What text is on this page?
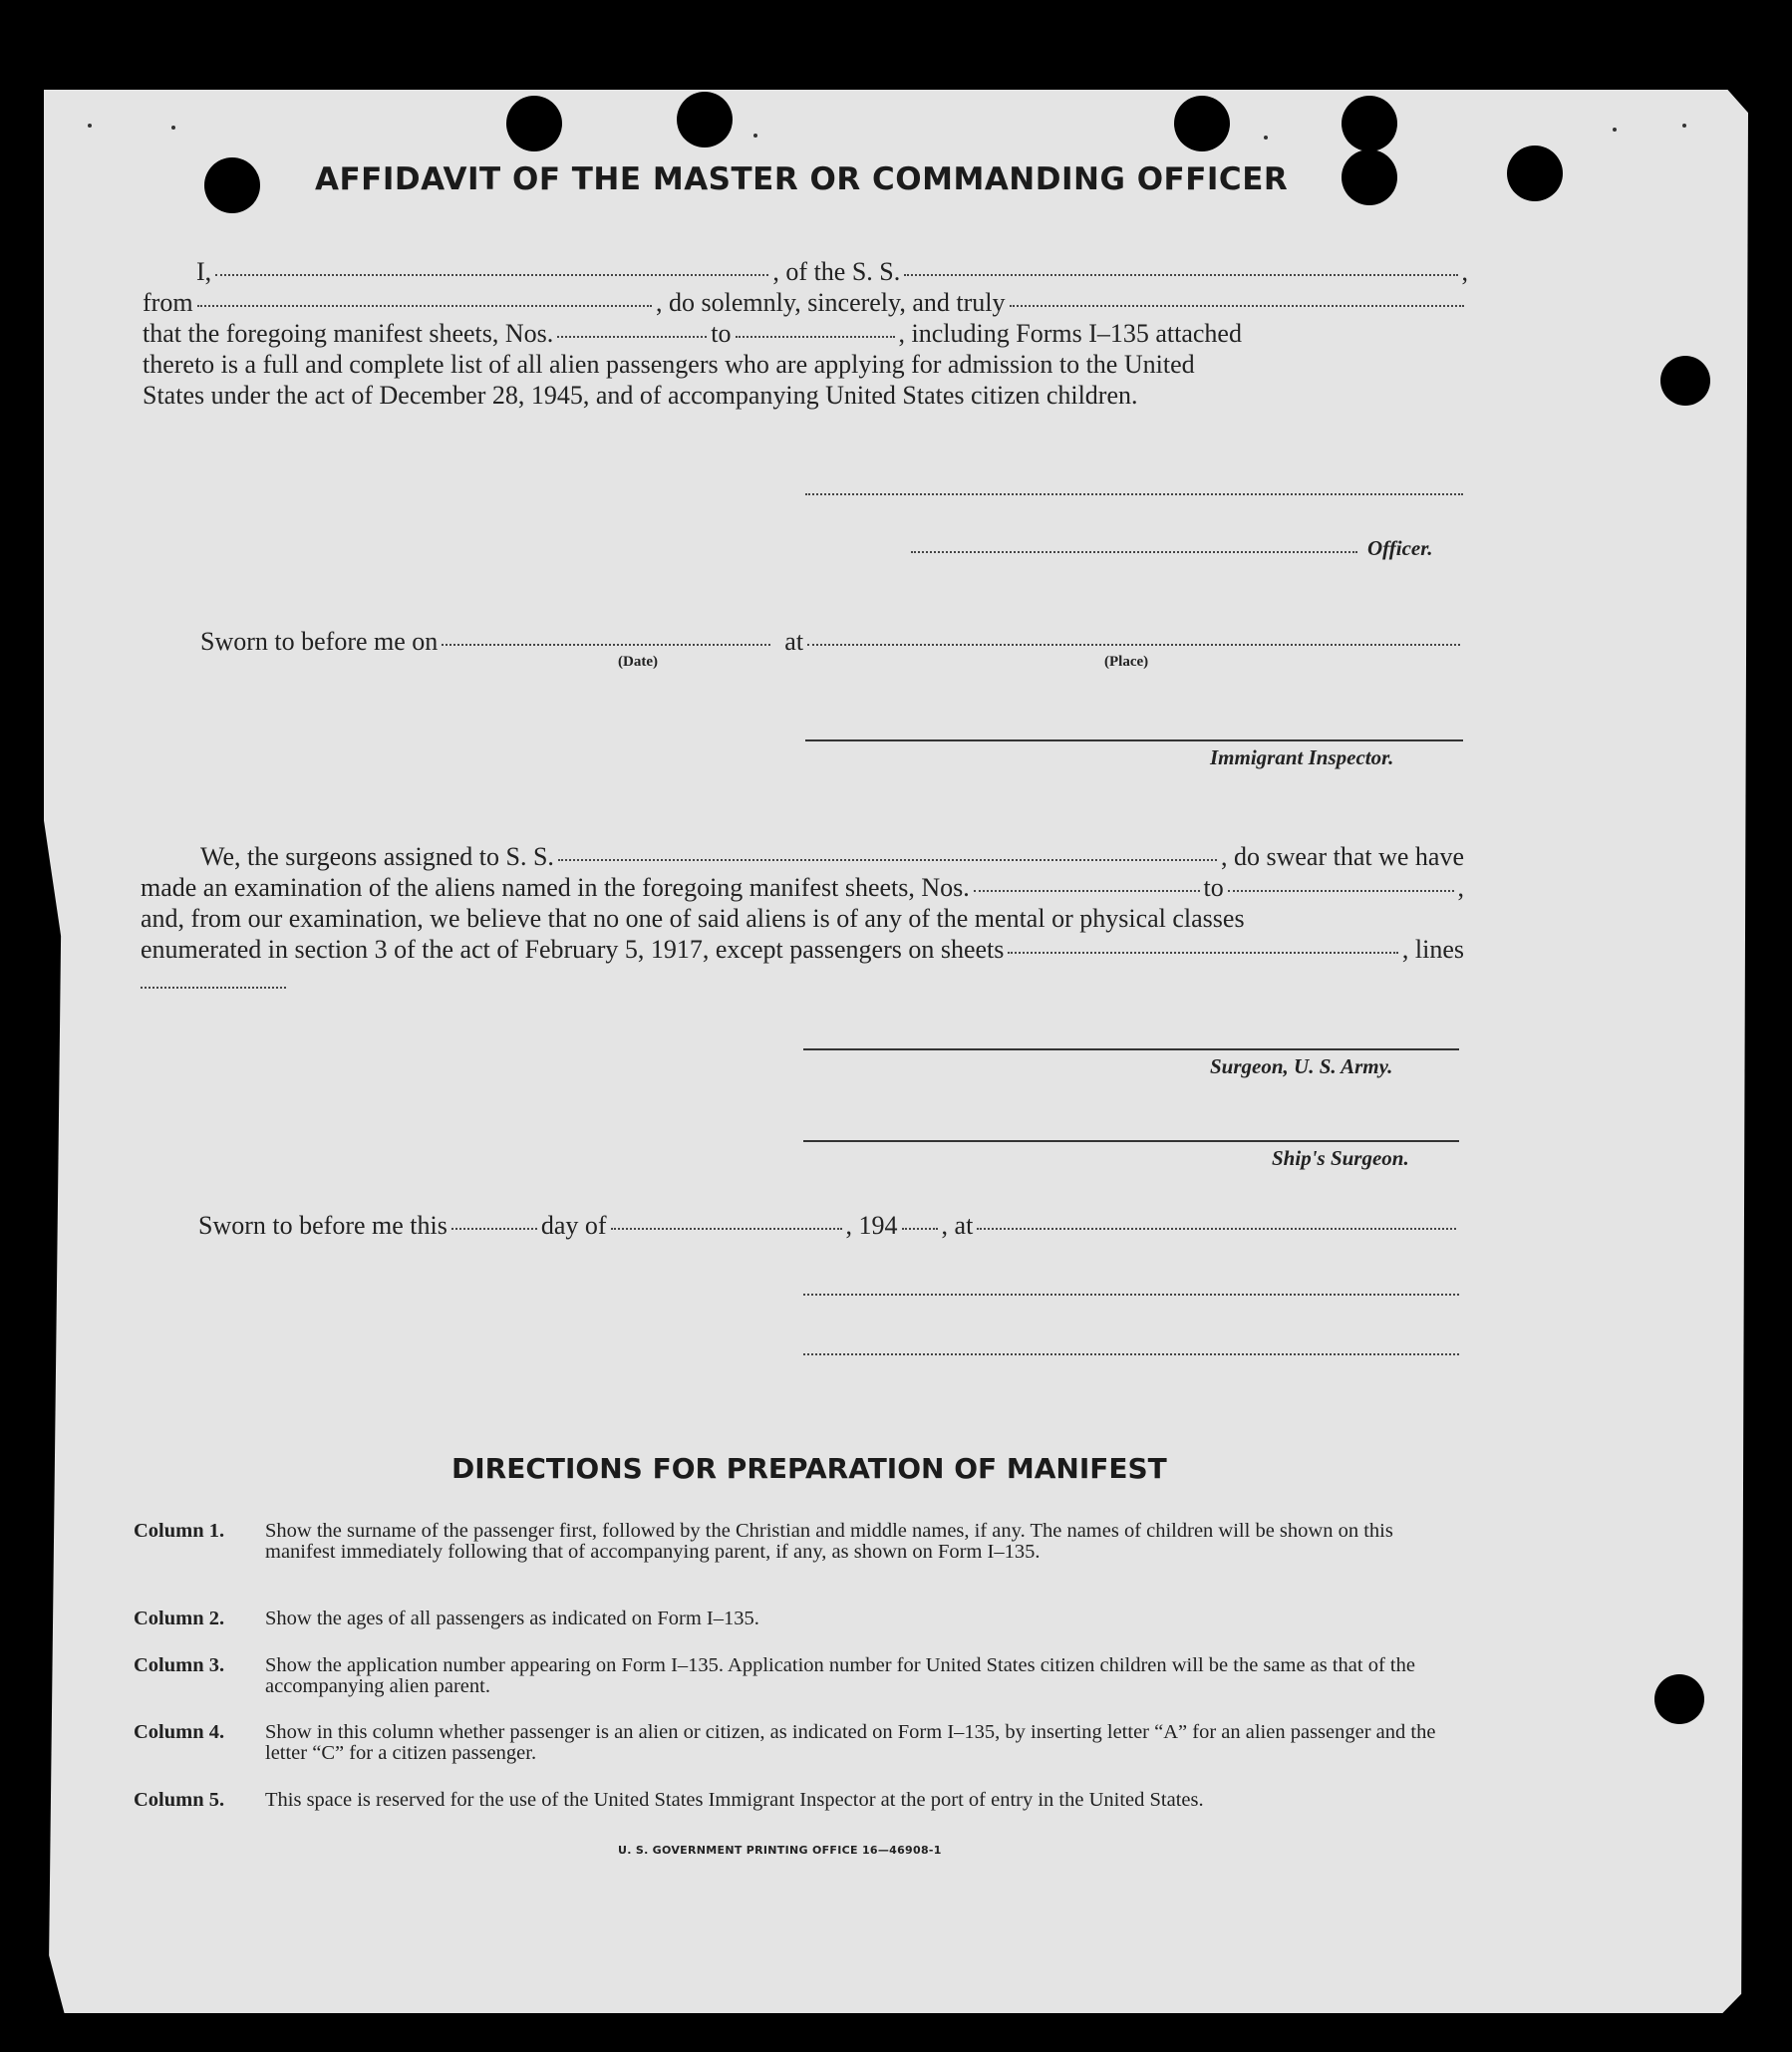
AFFIDAVIT OF THE MASTER OR COMMANDING OFFICER
I,	, of the S. S.	,
from	, do solemnly, sincerely, and truly
that the foregoing manifest sheets, Nos.	to	, including Forms I–135 attached
thereto is a full and complete list of all alien passengers who are applying for admission to the United
States under the act of December 28, 1945, and of accompanying United States citizen children.
Officer.
Sworn to before me on	at
(Date)	(Place)
Immigrant Inspector.
We, the surgeons assigned to S. S.	, do swear that we have
made an examination of the aliens named in the foregoing manifest sheets, Nos.	to	,
and, from our examination, we believe that no one of said aliens is of any of the mental or physical classes
enumerated in section 3 of the act of February 5, 1917, except passengers on sheets	, lines
Surgeon, U. S. Army.
Ship's Surgeon.
Sworn to before me this	day of	, 194 , at
DIRECTIONS FOR PREPARATION OF MANIFEST
Column 1.	Show the surname of the passenger first, followed by the Christian and middle names, if any. The names of children will be shown on this manifest immediately following that of accompanying parent, if any, as shown on Form I–135.
Column 2.	Show the ages of all passengers as indicated on Form I–135.
Column 3.	Show the application number appearing on Form I–135. Application number for United States citizen children will be the same as that of the accompanying alien parent.
Column 4.	Show in this column whether passenger is an alien or citizen, as indicated on Form I–135, by inserting letter “A” for an alien passenger and the letter “C” for a citizen passenger.
Column 5.	This space is reserved for the use of the United States Immigrant Inspector at the port of entry in the United States.
U. S. GOVERNMENT PRINTING OFFICE 16—46908-1
